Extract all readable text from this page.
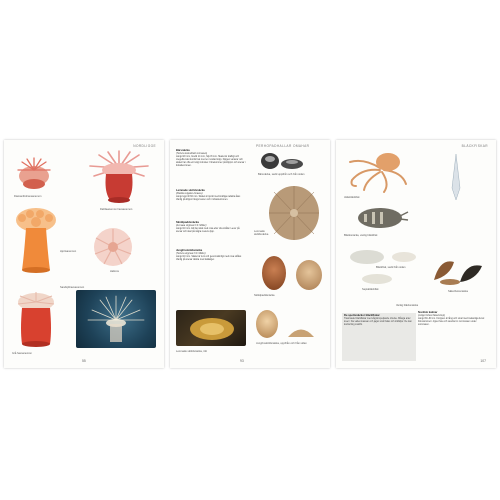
NORDLIGGE
Diamantbohavsanemon
Dahliaanemon havsanemon
Hjortsanemon
Hafsros
Grå havsanemon
Sandsjöhavsanemon
55
PERHOPADHALLAR OMAHAR
Bärsnäcka
(Tectura testudinalis Linnaeus)
Längd 20 mm, bredd 14 mm, höjd 8 mm. Skalet är kraftigt och oregelbundet konformat med en rundad topp. Färgen varierar och skalet har ofta ett rutigt mönster. Förekommer på klippor och stenar i tidvattenzonen.
Lemnade sköldsnäcka
(Patella vulgata Linnaeus)
Längd upp till 60 mm. Skalet är tjockt med kraftiga radiella åsar. Vanlig på klippor längs kusten och i tidvattenzonen.
Sköldpaddsnäcka
(Acmaea virginea O.F. Müller)
Längd 10 mm. Ett litet skal med rosa eller vita strålar. Lever på stenar och skal på några meters djup.
Jungfrusköldsnäcka
(Tectura virginea O.F. Müller)
Längd 10 mm. Skalet är tunt och genomskinligt med rosa strålar. Vanlig på stenar täckta med kalkalger.
Lemnade sköldsnäcka, rött
Bärsnäcka, sedd uppifrån och från sidan
Lemnade sköldsnäcka
Sköldpaddsnäcka
Jungfrusköldsnäcka, uppifrån och från sidan
93
BLÄCKFISKAR
Jättebläckfisk
Bläcksnäcka, vanlig bläckfisk
Bläckfisk, sedd från sidan
Sepiabläckfisk
Säkerhetssnäcka
De spettsnäckor bläckfiskar
Tioarmade bläckfiskar med vågrät spettande rörelse. Många arter lever i fria vattenmassan och jagar små fiskar och kräftdjur. De kan ändra färg snabbt.
Nordisk kalmar
(Loligo forbesi Steenstrup)
Längd 30–60 cm. Kroppen är lång och smal med trekantiga fenor. Förekommer i öppet hav och vandrar in mot kusten under sommaren.
Vanlig bläcksnäcka
107
